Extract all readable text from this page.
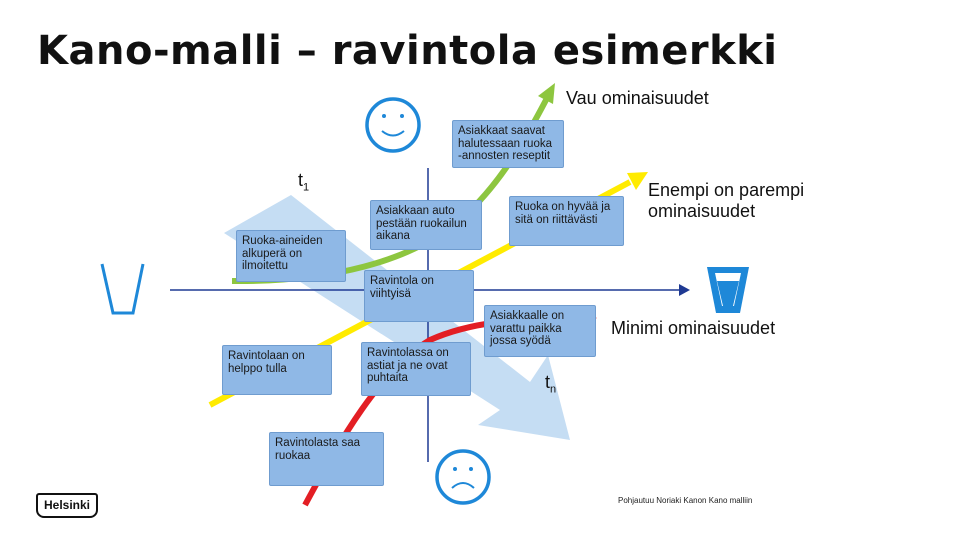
Kano-malli – ravintola esimerkki
Vau ominaisuudet
Enempi on parempi
ominaisuudet
Minimi ominaisuudet
$t_1$
$t_n$
Asiakkaat saavat halutessaan ruoka -annosten reseptit
Asiakkaan auto pestään ruokailun aikana
Ruoka on hyvää ja sitä on riittävästi
Ruoka-aineiden alkuperä on ilmoitettu
Ravintola on viihtyisä
Asiakkaalle on varattu paikka jossa syödä
Ravintolaan on helppo tulla
Ravintolassa on astiat ja ne ovat puhtaita
Ravintolasta saa ruokaa
Helsinki	Pohjautuu Noriaki Kanon Kano malliin
